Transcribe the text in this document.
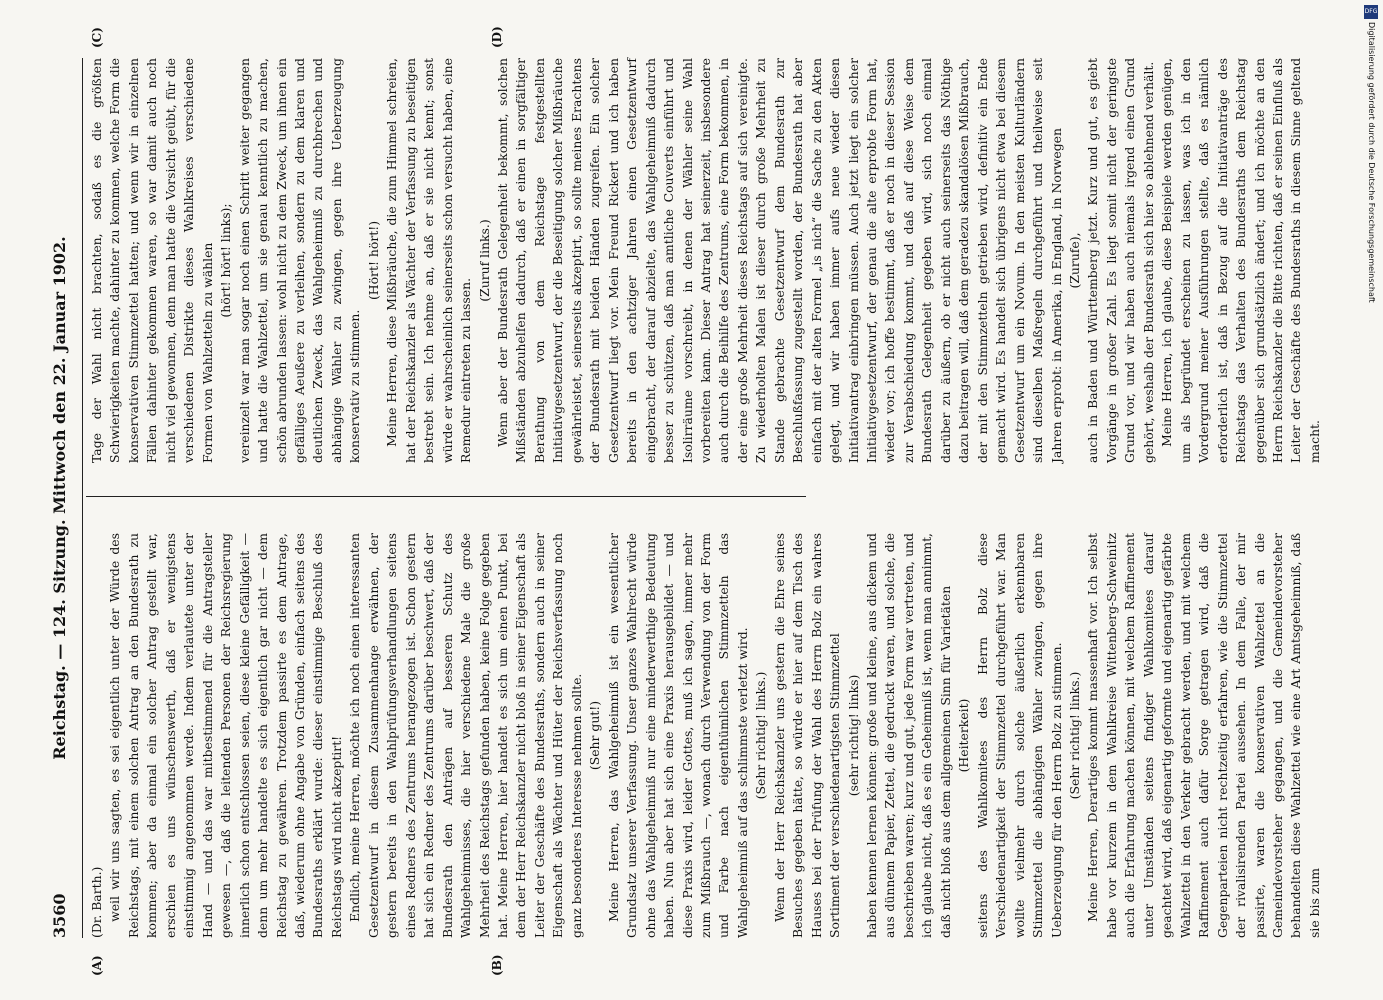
3560
Reichstag. — 124. Sitzung. Mittwoch den 22. Januar 1902.
(A)	(B)
(C)	(D)

(Dr. Barth.) weil wir uns sagten, es sei eigentlich unter der Würde des Reichstags, mit einem solchen Antrag an den Bundesrath zu kommen; aber da einmal ein solcher Antrag gestellt war, erschien es uns wünschenswerth, daß er wenigstens einstimmig angenommen werde. Indem verlautete unter der Hand — und das war mitbestimmend für die Antragsteller gewesen —, daß die leitenden Personen der Reichsregierung innerlich schon entschlossen seien, diese kleine Gefälligkeit — denn um mehr handelte es sich eigentlich gar nicht — dem Reichstag zu gewähren. Trotzdem passirte es dem Antrage, daß, wiederum ohne Angabe von Gründen, einfach seitens des Bundesraths erklärt wurde: dieser einstimmige Beschluß des Reichstags wird nicht akzeptirt! Endlich, meine Herren, möchte ich noch einen interessanten Gesetzentwurf in diesem Zusammenhange erwähnen, der gestern bereits in den Wahlprüfungsverhandlungen seitens eines Redners des Zentrums herangezogen ist. Schon gestern hat sich ein Redner des Zentrums darüber beschwert, daß der Bundesrath den Anträgen auf besseren Schutz des Wahlgeheimnisses, die hier verschiedene Male die große Mehrheit des Reichstags gefunden haben, keine Folge gegeben hat. Meine Herren, hier handelt es sich um einen Punkt, bei dem der Herr Reichskanzler nicht bloß in seiner Eigenschaft als Leiter der Geschäfte des Bundesraths, sondern auch in seiner Eigenschaft als Wächter und Hüter der Reichsverfassung noch ganz besonderes Interesse nehmen sollte. (Sehr gut!) Meine Herren, das Wahlgeheimniß ist ein wesentlicher Grundsatz unserer Verfassung. Unser ganzes Wahlrecht würde ohne das Wahlgeheimniß nur eine minderwerthige Bedeutung haben. Nun aber hat sich eine Praxis herausgebildet — und diese Praxis wird, leider Gottes, muß ich sagen, immer mehr zum Mißbrauch —, wonach durch Verwendung von der Form und Farbe nach eigenthümlichen Stimmzetteln das Wahlgeheimniß auf das schlimmste verletzt wird. (Sehr richtig! links.) Wenn der Herr Reichskanzler uns gestern die Ehre seines Besuches gegeben hätte, so würde er hier auf dem Tisch des Hauses bei der Prüfung der Wahl des Herrn Bolz ein wahres Sortiment der verschiedenartigsten Stimmzettel (sehr richtig! links) haben kennen lernen können: große und kleine, aus dickem und aus dünnem Papier, Zettel, die gedruckt waren, und solche, die beschrieben waren; kurz und gut, jede Form war vertreten, und ich glaube nicht, daß es ein Geheimniß ist, wenn man annimmt, daß nicht bloß aus dem allgemeinen Sinn für Varietäten (Heiterkeit) seitens des Wahlkomitees des Herrn Bolz diese Verschiedenartigkeit der Stimmzettel durchgeführt war. Man wollte vielmehr durch solche äußerlich erkennbaren Stimmzettel die abhängigen Wähler zwingen, gegen ihre Ueberzeugung für den Herrn Bolz zu stimmen. (Sehr richtig! links.) Meine Herren, Derartiges kommt massenhaft vor. Ich selbst habe vor kurzem in dem Wahlkreise Wittenberg-Schweinitz auch die Erfahrung machen können, mit welchem Raffinement unter Umständen seitens findiger Wahlkomitees darauf geachtet wird, daß eigenartig geformte und eigenartig gefärbte Wahlzettel in den Verkehr gebracht werden, und mit welchem Raffinement auch dafür Sorge getragen wird, daß die Gegenparteien nicht rechtzeitig erfahren, wie die Stimmzettel der rivalisirenden Partei aussehen. In dem Falle, der mir passirte, waren die konservativen Wahlzettel an die Gemeindevorsteher gegangen, und die Gemeindevorsteher behandelten diese Wahlzettel wie eine Art Amtsgeheimniß, daß sie bis zum

Tage der Wahl nicht brachten, sodaß es die größten Schwierigkeiten machte, dahinter zu kommen, welche Form die konservativen Stimmzettel hatten; und wenn wir in einzelnen Fällen dahinter gekommen waren, so war damit auch noch nicht viel gewonnen, denn man hatte die Vorsicht geübt, für die verschiedenen Distrikte dieses Wahlkreises verschiedene Formen von Wahlzetteln zu wählen (hört! hört! links); vereinzelt war man sogar noch einen Schritt weiter gegangen und hatte die Wahlzettel, um sie genau kenntlich zu machen, schön abrunden lassen: wohl nicht zu dem Zweck, um ihnen ein gefälliges Aeußere zu verleihen, sondern zu dem klaren und deutlichen Zweck, das Wahlgeheimniß zu durchbrechen und abhängige Wähler zu zwingen, gegen ihre Ueberzeugung konservativ zu stimmen.

(Hört! hört!) Meine Herren, diese Mißbräuche, die zum Himmel schreien, hat der Reichskanzler als Wächter der Verfassung zu beseitigen bestrebt sein. Ich nehme an, daß er sie nicht kennt; sonst würde er wahrscheinlich seinerseits schon versucht haben, eine Remedur eintreten zu lassen.

(Zuruf links.) Wenn aber der Bundesrath Gelegenheit bekommt, solchen Mißständen abzuhelfen dadurch, daß er einen in sorgfältiger Berathung von dem Reichstage festgestellten Initiativgesetzentwurf, der die Beseitigung solcher Mißbräuche gewährleistet, seinerseits akzeptirt, so sollte meines Erachtens der Bundesrath mit beiden Händen zugreifen. Ein solcher Gesetzentwurf liegt vor. Mein Freund Rickert und ich haben bereits in den achtziger Jahren einen Gesetzentwurf eingebracht, der darauf abzielte, das Wahlgeheimniß dadurch besser zu schützen, daß man amtliche Couverts einführt und Isolirräume vorschreibt, in denen der Wähler seine Wahl vorbereiten kann. Dieser Antrag hat seinerzeit, insbesondere auch durch die Beihilfe des Zentrums, eine Form bekommen, in der eine große Mehrheit dieses Reichstags auf sich vereinigte. Zu wiederholten Malen ist dieser durch große Mehrheit zu Stande gebrachte Gesetzentwurf dem Bundesrath zur Beschlußfassung zugestellt worden, der Bundesrath hat aber einfach mit der alten Formel „is nich“ die Sache zu den Akten gelegt, und wir haben immer aufs neue wieder diesen Initiativantrag einbringen müssen. Auch jetzt liegt ein solcher Initiativgesetzentwurf, der genau die alte erprobte Form hat, wieder vor; ich hoffe bestimmt, daß er noch in dieser Session zur Verabschiedung kommt, und daß auf diese Weise dem Bundesrath Gelegenheit gegeben wird, sich noch einmal darüber zu äußern, ob er nicht auch seinerseits das Nöthige dazu beitragen will, daß dem geradezu skandalösen Mißbrauch, der mit den Stimmzetteln getrieben wird, definitiv ein Ende gemacht wird. Es handelt sich übrigens nicht etwa bei diesem Gesetzentwurf um ein Novum. In den meisten Kulturländern sind dieselben Maßregeln durchgeführt und theilweise seit Jahren erprobt: in Amerika, in England, in Norwegen (Zurufe), auch in Baden und Württemberg jetzt. Kurz und gut, es giebt Vorgänge in großer Zahl. Es liegt somit nicht der geringste Grund vor, und wir haben auch niemals irgend einen Grund gehört, weshalb der Bundesrath sich hier so ablehnend verhält. Meine Herren, ich glaube, diese Beispiele werden genügen, um als begründet erscheinen zu lassen, was ich in den Vordergrund meiner Ausführungen stellte, daß es nämlich erforderlich ist, daß in Bezug auf die Initiativanträge des Reichstags das Verhalten des Bundesraths dem Reichstag gegenüber sich grundsätzlich ändert; und ich möchte an den Herrn Reichskanzler die Bitte richten, daß er seinen Einfluß als Leiter der Geschäfte des Bundesraths in diesem Sinne geltend macht.

DFG
Digitalisierung gefördert durch die Deutsche Forschungsgemeinschaft
